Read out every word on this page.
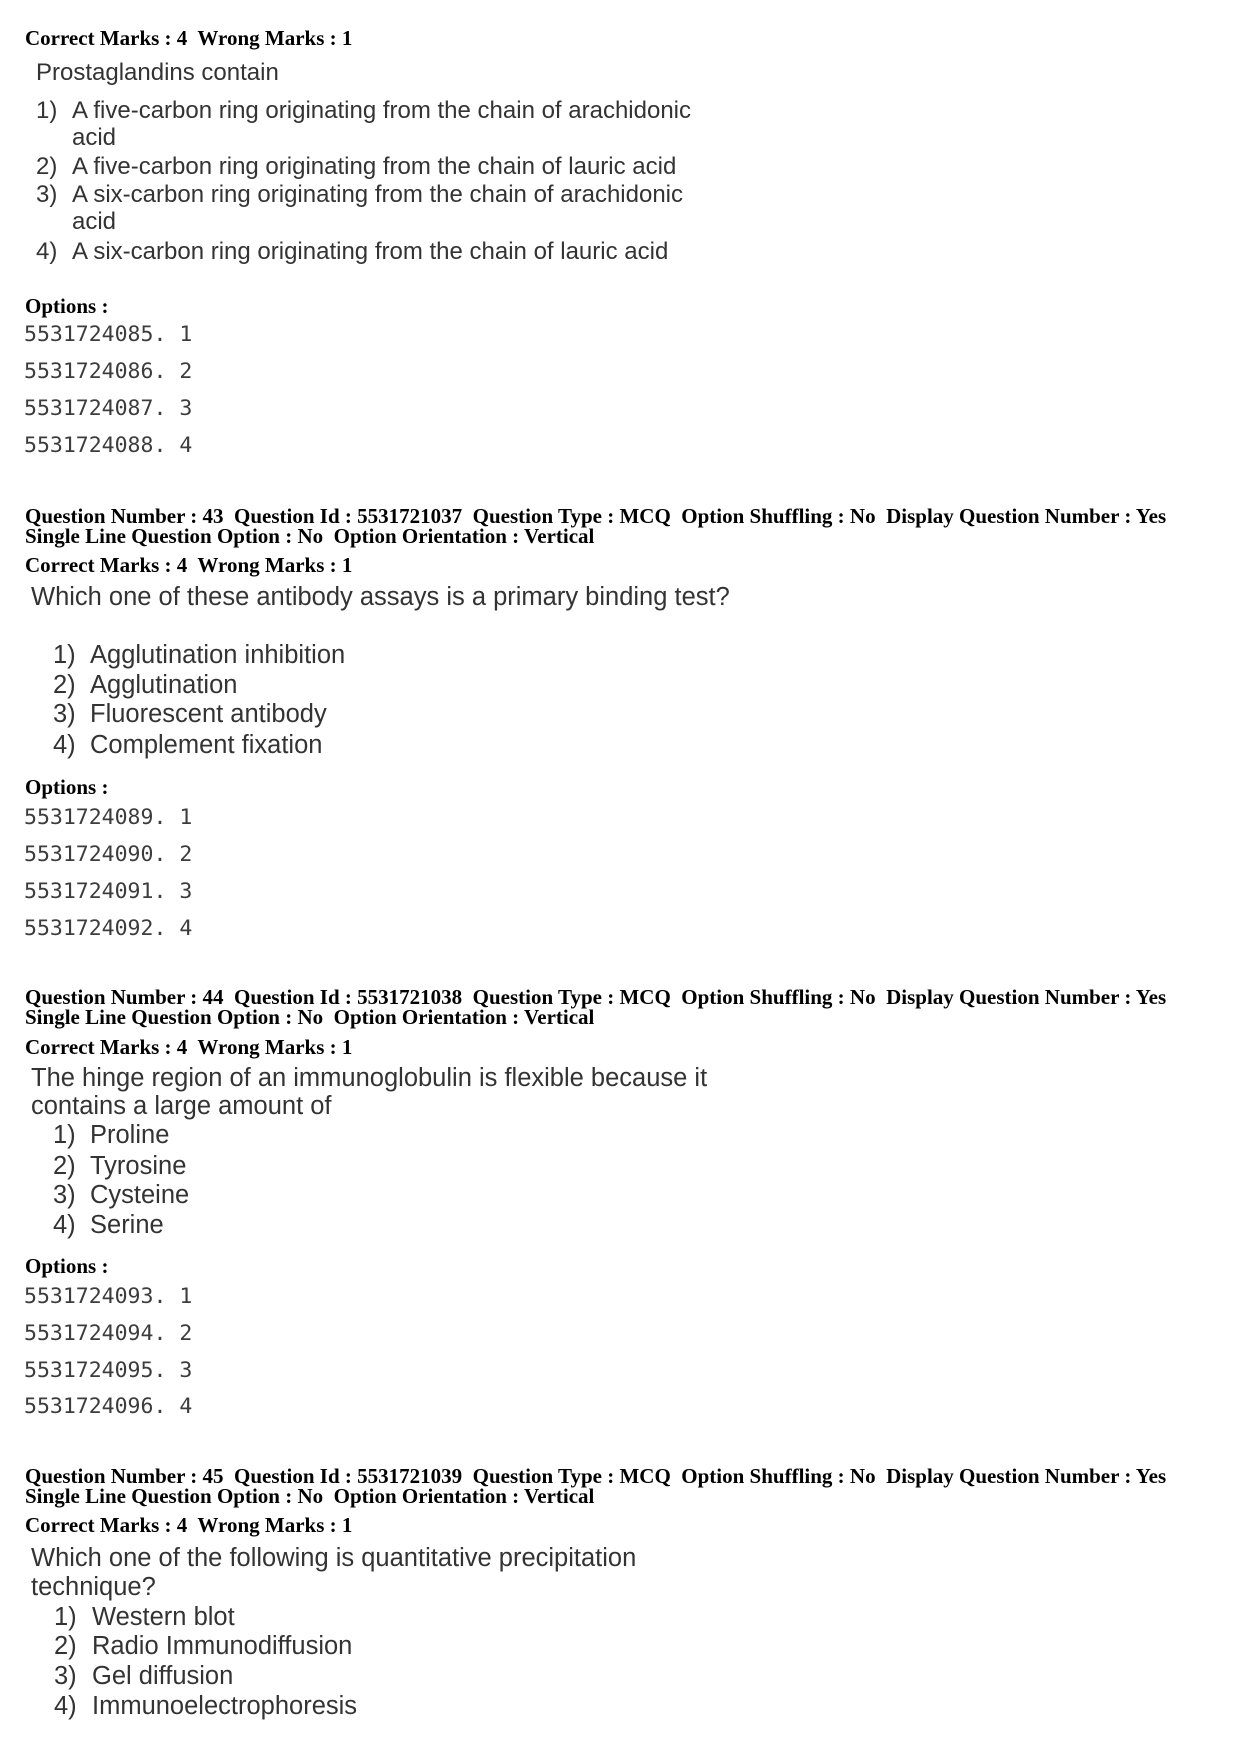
Correct Marks : 4  Wrong Marks : 1
Prostaglandins contain
1) A five-carbon ring originating from the chain of arachidonic
acid
2) A five-carbon ring originating from the chain of lauric acid
3) A six-carbon ring originating from the chain of arachidonic
acid
4) A six-carbon ring originating from the chain of lauric acid
Options :
5531724085. 1
5531724086. 2
5531724087. 3
5531724088. 4
Question Number : 43  Question Id : 5531721037  Question Type : MCQ  Option Shuffling : No  Display Question Number : Yes
Single Line Question Option : No  Option Orientation : Vertical
Correct Marks : 4  Wrong Marks : 1
Which one of these antibody assays is a primary binding test?
1) Agglutination inhibition
2) Agglutination
3) Fluorescent antibody
4) Complement fixation
Options :
5531724089. 1
5531724090. 2
5531724091. 3
5531724092. 4
Question Number : 44  Question Id : 5531721038  Question Type : MCQ  Option Shuffling : No  Display Question Number : Yes
Single Line Question Option : No  Option Orientation : Vertical
Correct Marks : 4  Wrong Marks : 1
The hinge region of an immunoglobulin is flexible because it
contains a large amount of
1) Proline
2) Tyrosine
3) Cysteine
4) Serine
Options :
5531724093. 1
5531724094. 2
5531724095. 3
5531724096. 4
Question Number : 45  Question Id : 5531721039  Question Type : MCQ  Option Shuffling : No  Display Question Number : Yes
Single Line Question Option : No  Option Orientation : Vertical
Correct Marks : 4  Wrong Marks : 1
Which one of the following is quantitative precipitation
technique?
1) Western blot
2) Radio Immunodiffusion
3) Gel diffusion
4) Immunoelectrophoresis
